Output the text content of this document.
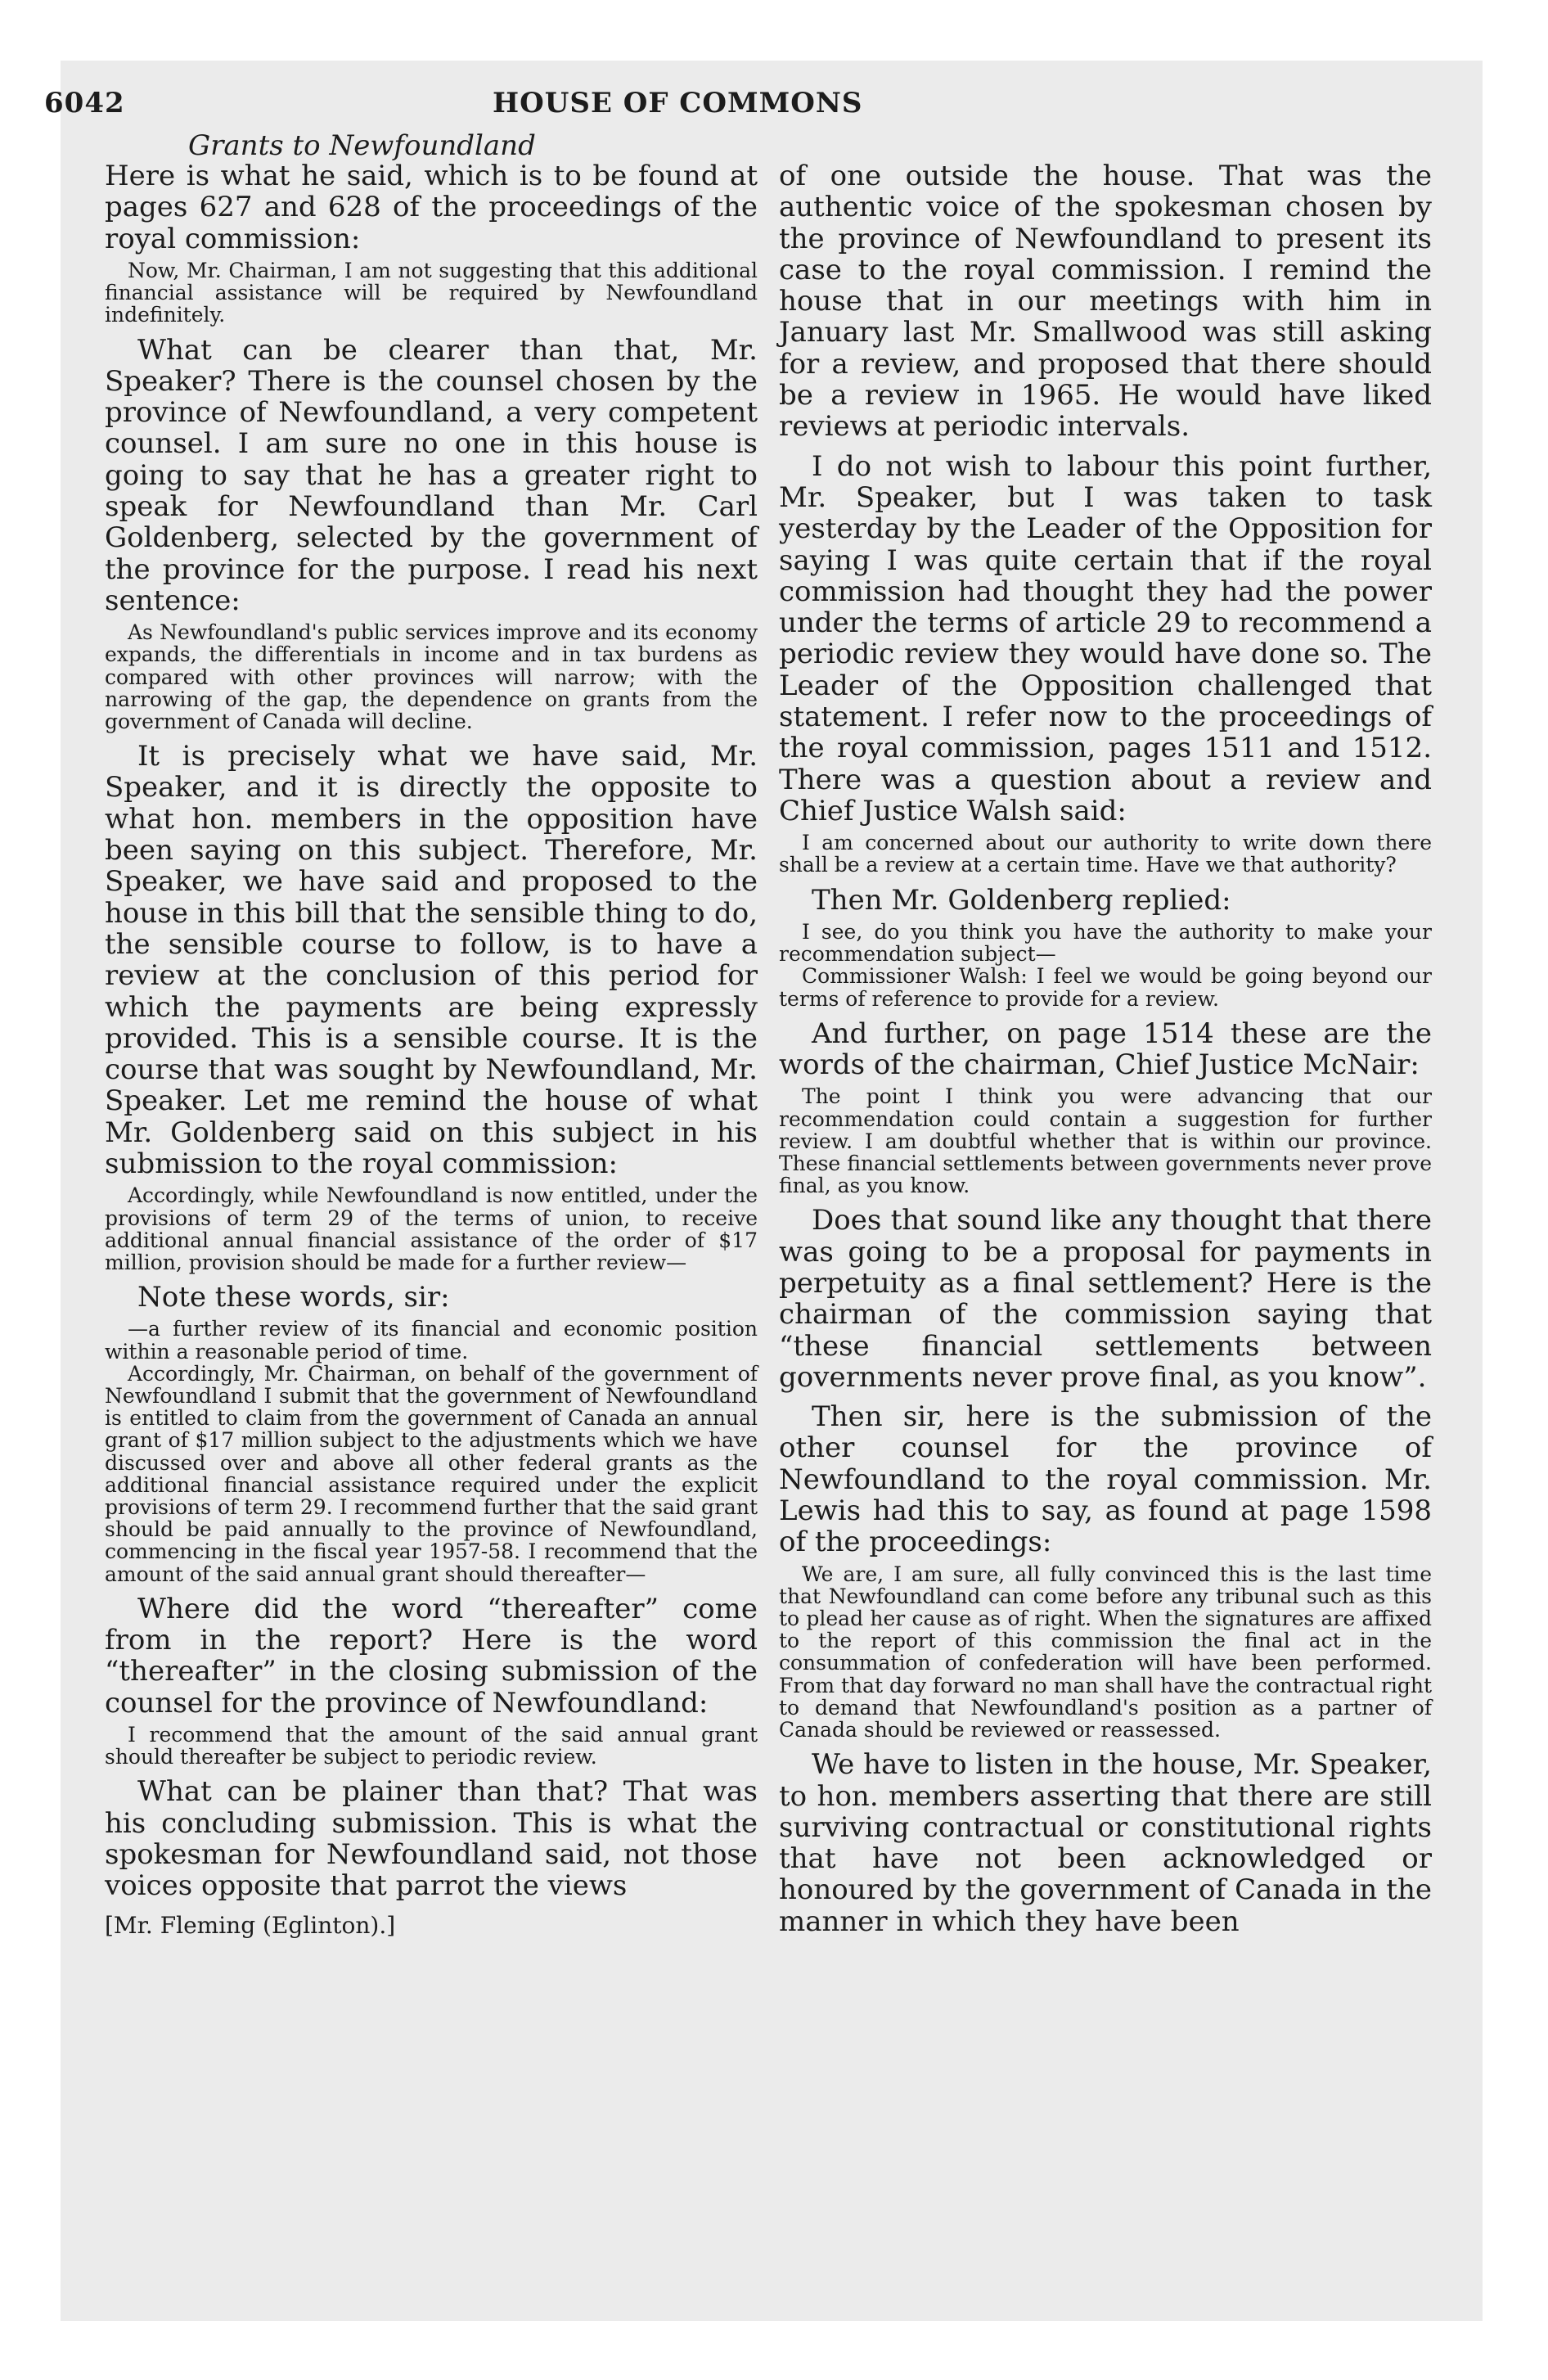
6042	HOUSE OF COMMONS
Grants to Newfoundland

Here is what he said, which is to be found at pages 627 and 628 of the proceedings of the royal commission:

Now, Mr. Chairman, I am not suggesting that this additional financial assistance will be required by Newfoundland indefinitely.

What can be clearer than that, Mr. Speaker? There is the counsel chosen by the province of Newfoundland, a very competent counsel. I am sure no one in this house is going to say that he has a greater right to speak for Newfoundland than Mr. Carl Goldenberg, selected by the government of the province for the purpose. I read his next sentence:

As Newfoundland's public services improve and its economy expands, the differentials in income and in tax burdens as compared with other provinces will narrow; with the narrowing of the gap, the dependence on grants from the government of Canada will decline.

It is precisely what we have said, Mr. Speaker, and it is directly the opposite to what hon. members in the opposition have been saying on this subject. Therefore, Mr. Speaker, we have said and proposed to the house in this bill that the sensible thing to do, the sensible course to follow, is to have a review at the conclusion of this period for which the payments are being expressly provided. This is a sensible course. It is the course that was sought by Newfoundland, Mr. Speaker. Let me remind the house of what Mr. Goldenberg said on this subject in his submission to the royal commission:

Accordingly, while Newfoundland is now entitled, under the provisions of term 29 of the terms of union, to receive additional annual financial assistance of the order of $17 million, provision should be made for a further review—

Note these words, sir:

—a further review of its financial and economic position within a reasonable period of time.

Accordingly, Mr. Chairman, on behalf of the government of Newfoundland I submit that the government of Newfoundland is entitled to claim from the government of Canada an annual grant of $17 million subject to the adjustments which we have discussed over and above all other federal grants as the additional financial assistance required under the explicit provisions of term 29. I recommend further that the said grant should be paid annually to the province of Newfoundland, commencing in the fiscal year 1957-58. I recommend that the amount of the said annual grant should thereafter—

Where did the word “thereafter” come from in the report? Here is the word “thereafter” in the closing submission of the counsel for the province of Newfoundland:

I recommend that the amount of the said annual grant should thereafter be subject to periodic review.

What can be plainer than that? That was his concluding submission. This is what the spokesman for Newfoundland said, not those voices opposite that parrot the views

[Mr. Fleming (Eglinton).]

of one outside the house. That was the authentic voice of the spokesman chosen by the province of Newfoundland to present its case to the royal commission. I remind the house that in our meetings with him in January last Mr. Smallwood was still asking for a review, and proposed that there should be a review in 1965. He would have liked reviews at periodic intervals.

I do not wish to labour this point further, Mr. Speaker, but I was taken to task yesterday by the Leader of the Opposition for saying I was quite certain that if the royal commission had thought they had the power under the terms of article 29 to recommend a periodic review they would have done so. The Leader of the Opposition challenged that statement. I refer now to the proceedings of the royal commission, pages 1511 and 1512. There was a question about a review and Chief Justice Walsh said:

I am concerned about our authority to write down there shall be a review at a certain time. Have we that authority?

Then Mr. Goldenberg replied:

I see, do you think you have the authority to make your recommendation subject—

Commissioner Walsh: I feel we would be going beyond our terms of reference to provide for a review.

And further, on page 1514 these are the words of the chairman, Chief Justice McNair:

The point I think you were advancing that our recommendation could contain a suggestion for further review. I am doubtful whether that is within our province. These financial settlements between governments never prove final, as you know.

Does that sound like any thought that there was going to be a proposal for payments in perpetuity as a final settlement? Here is the chairman of the commission saying that “these financial settlements between governments never prove final, as you know”.

Then sir, here is the submission of the other counsel for the province of Newfoundland to the royal commission. Mr. Lewis had this to say, as found at page 1598 of the proceedings:

We are, I am sure, all fully convinced this is the last time that Newfoundland can come before any tribunal such as this to plead her cause as of right. When the signatures are affixed to the report of this commission the final act in the consummation of confederation will have been performed. From that day forward no man shall have the contractual right to demand that Newfoundland's position as a partner of Canada should be reviewed or reassessed.

We have to listen in the house, Mr. Speaker, to hon. members asserting that there are still surviving contractual or constitutional rights that have not been acknowledged or honoured by the government of Canada in the manner in which they have been
